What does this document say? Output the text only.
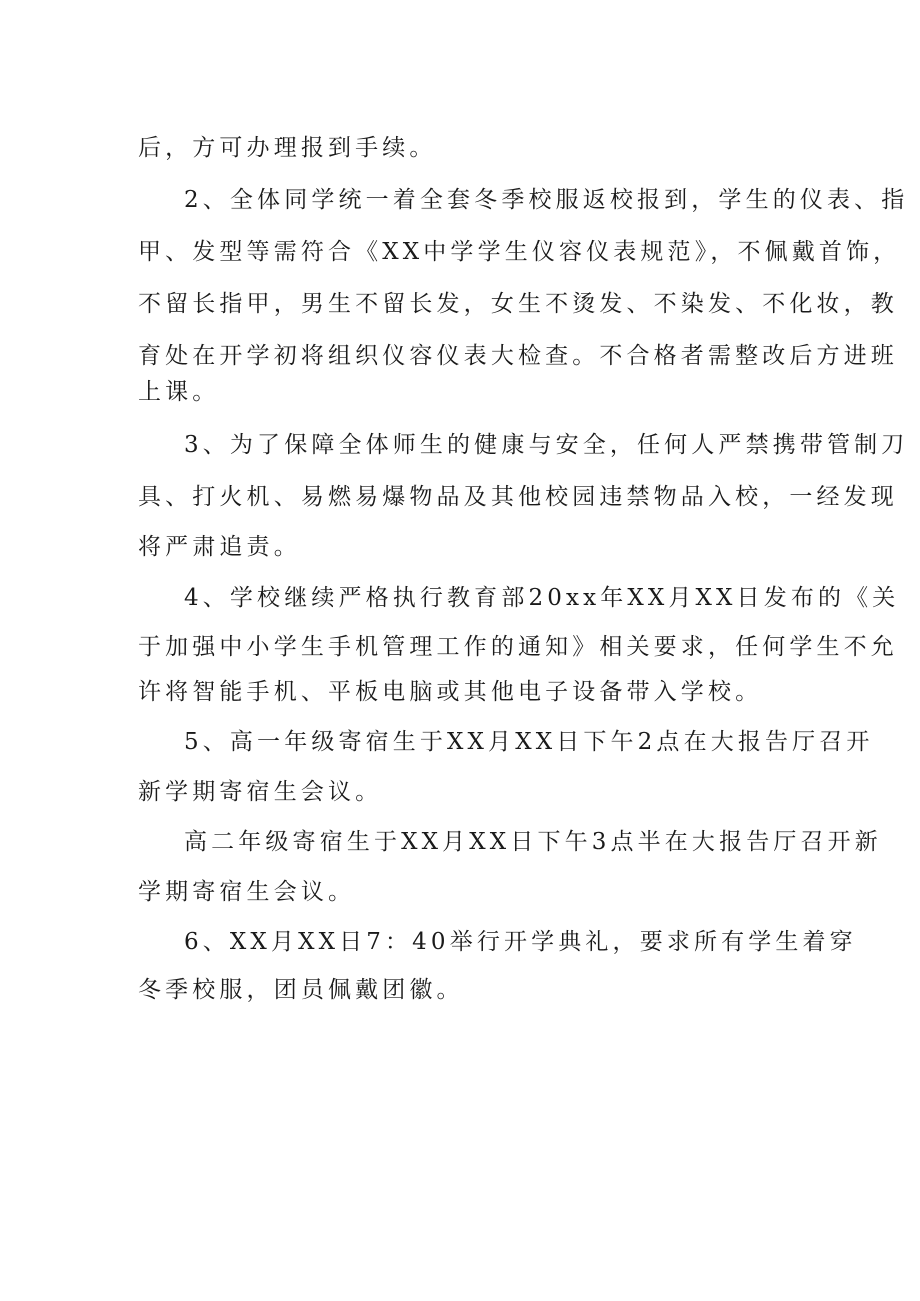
后，方可办理报到手续。
2、全体同学统一着全套冬季校服返校报到，学生的仪表、指
甲、发型等需符合《XX中学学生仪容仪表规范》，不佩戴首饰，
不留长指甲，男生不留长发，女生不烫发、不染发、不化妆，教
育处在开学初将组织仪容仪表大检查。不合格者需整改后方进班
上课。
3、为了保障全体师生的健康与安全，任何人严禁携带管制刀
具、打火机、易燃易爆物品及其他校园违禁物品入校，一经发现
将严肃追责。
4、学校继续严格执行教育部20xx年XX月XX日发布的《关
于加强中小学生手机管理工作的通知》相关要求，任何学生不允
许将智能手机、平板电脑或其他电子设备带入学校。
5、高一年级寄宿生于XX月XX日下午2点在大报告厅召开
新学期寄宿生会议。
高二年级寄宿生于XX月XX日下午3点半在大报告厅召开新
学期寄宿生会议。
6、XX月XX日7：40举行开学典礼，要求所有学生着穿
冬季校服，团员佩戴团徽。
